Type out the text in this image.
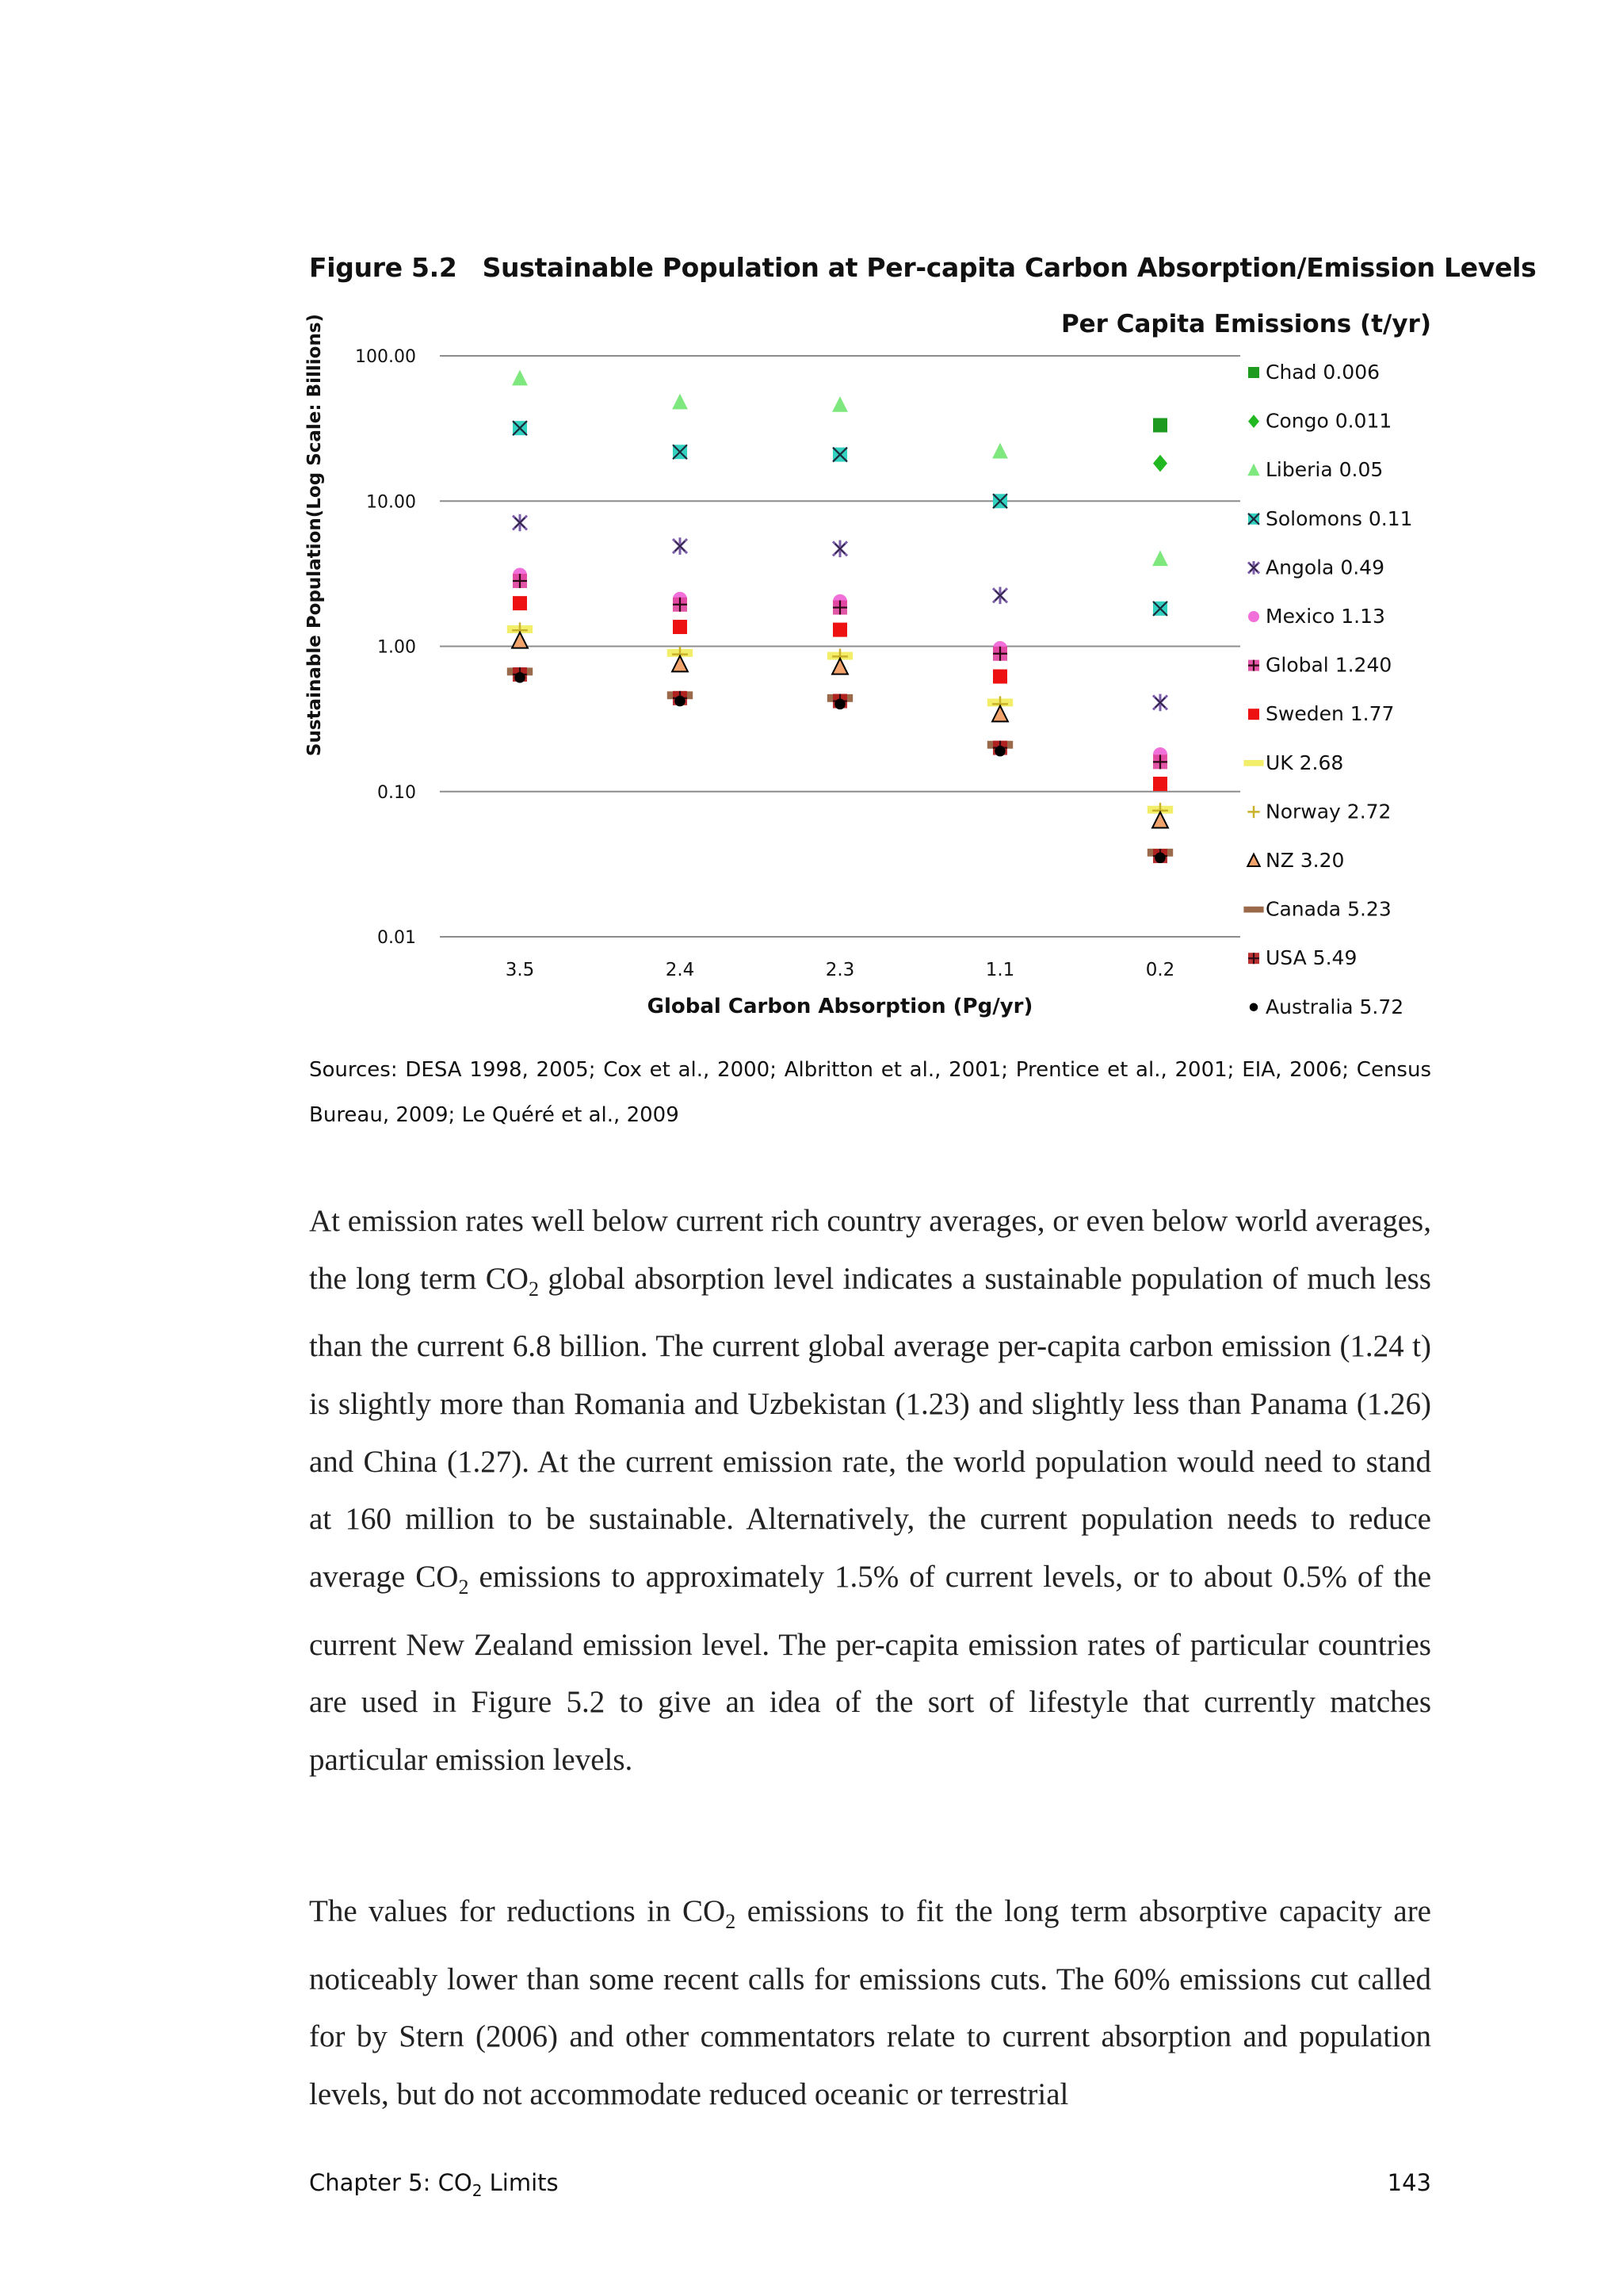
Figure 5.2 Sustainable Population at Per-capita Carbon Absorption/Emission Levels
100.00
10.00
1.00
0.10
0.01
3.5	2.4	2.3	1.1	0.2
Chad 0.006
Congo 0.011
Liberia 0.05
Solomons 0.11
Angola 0.49
Mexico 1.13
Global 1.240
Sweden 1.77
UK 2.68
Norway 2.72
NZ 3.20
Canada 5.23
USA 5.49
Australia 5.72
Sustainable Population(Log Scale: Billions)
Global Carbon Absorption (Pg/yr)
Per Capita Emissions (t/yr)
Sources: DESA 1998, 2005; Cox et al., 2000; Albritton et al., 2001; Prentice et al., 2001; EIA, 2006; Census Bureau, 2009; Le Quéré et al., 2009
At emission rates well below current rich country averages, or even below world averages, the long term $CO_2$ global absorption level indicates a sustainable population of much less than the current 6.8 billion. The current global average per-capita carbon emission (1.24 t) is slightly more than Romania and Uzbekistan (1.23) and slightly less than Panama (1.26) and China (1.27). At the current emission rate, the world population would need to stand at 160 million to be sustainable. Alternatively, the current population needs to reduce average $CO_2$ emissions to approximately 1.5% of current levels, or to about 0.5% of the current New Zealand emission level. The per-capita emission rates of particular countries are used in Figure 5.2 to give an idea of the sort of lifestyle that currently matches particular emission levels.
The values for reductions in $CO_2$ emissions to fit the long term absorptive capacity are noticeably lower than some recent calls for emissions cuts. The 60% emissions cut called for by Stern (2006) and other commentators relate to current absorption and population levels, but do not accommodate reduced oceanic or terrestrial
Chapter 5: $CO_2$ Limits	143
